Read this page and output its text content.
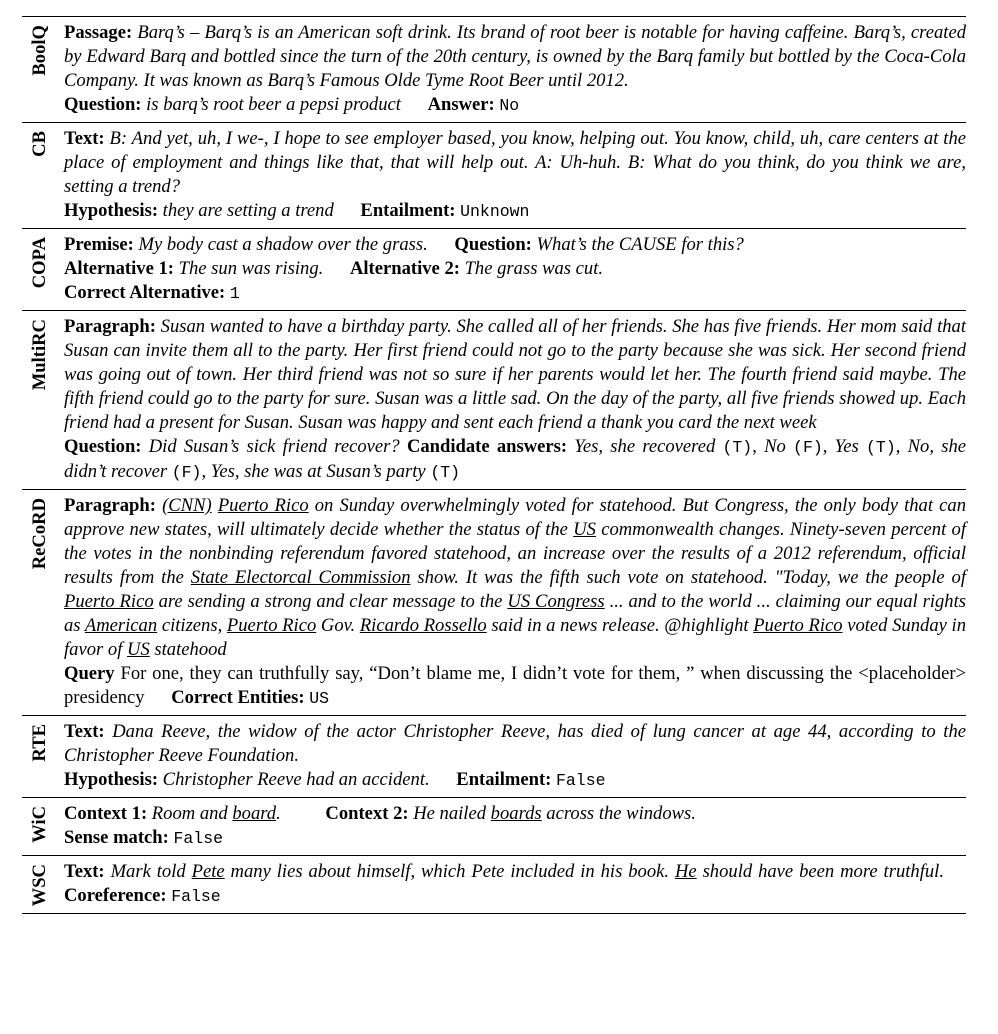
BoolQ Passage: Barq’s – Barq’s is an American soft drink. Its brand of root beer is notable for having caffeine. Barq’s, created by Edward Barq and bottled since the turn of the 20th century, is owned by the Barq family but bottled by the Coca-Cola Company. It was known as Barq’s Famous Olde Tyme Root Beer until 2012.
Question: is barq’s root beer a pepsi product Answer: No
CB Text: B: And yet, uh, I we-, I hope to see employer based, you know, helping out. You know, child, uh, care centers at the place of employment and things like that, that will help out. A: Uh-huh. B: What do you think, do you think we are, setting a trend?
Hypothesis: they are setting a trend Entailment: Unknown
COPA Premise: My body cast a shadow over the grass. Question: What’s the CAUSE for this?
Alternative 1: The sun was rising. Alternative 2: The grass was cut.
Correct Alternative: 1
MultiRC Paragraph: Susan wanted to have a birthday party. She called all of her friends. She has five friends. Her mom said that Susan can invite them all to the party. Her first friend could not go to the party because she was sick. Her second friend was going out of town. Her third friend was not so sure if her parents would let her. The fourth friend said maybe. The fifth friend could go to the party for sure. Susan was a little sad. On the day of the party, all five friends showed up. Each friend had a present for Susan. Susan was happy and sent each friend a thank you card the next week
Question: Did Susan’s sick friend recover? Candidate answers: Yes, she recovered (T), No (F), Yes (T), No, she didn’t recover (F), Yes, she was at Susan’s party (T)
ReCoRD Paragraph: (CNN) Puerto Rico on Sunday overwhelmingly voted for statehood. But Congress, the only body that can approve new states, will ultimately decide whether the status of the US commonwealth changes. Ninety-seven percent of the votes in the nonbinding referendum favored statehood, an increase over the results of a 2012 referendum, official results from the State Electorcal Commission show. It was the fifth such vote on statehood. "Today, we the people of Puerto Rico are sending a strong and clear message to the US Congress ... and to the world ... claiming our equal rights as American citizens, Puerto Rico Gov. Ricardo Rossello said in a news release. @highlight Puerto Rico voted Sunday in favor of US statehood
Query For one, they can truthfully say, “Don’t blame me, I didn’t vote for them, ” when discussing the <placeholder> presidency Correct Entities: US
RTE Text: Dana Reeve, the widow of the actor Christopher Reeve, has died of lung cancer at age 44, according to the Christopher Reeve Foundation.
Hypothesis: Christopher Reeve had an accident. Entailment: False
WiC Context 1: Room and board. Context 2: He nailed boards across the windows.
Sense match: False
WSC Text: Mark told Pete many lies about himself, which Pete included in his book. He should have been more truthful. Coreference: False
